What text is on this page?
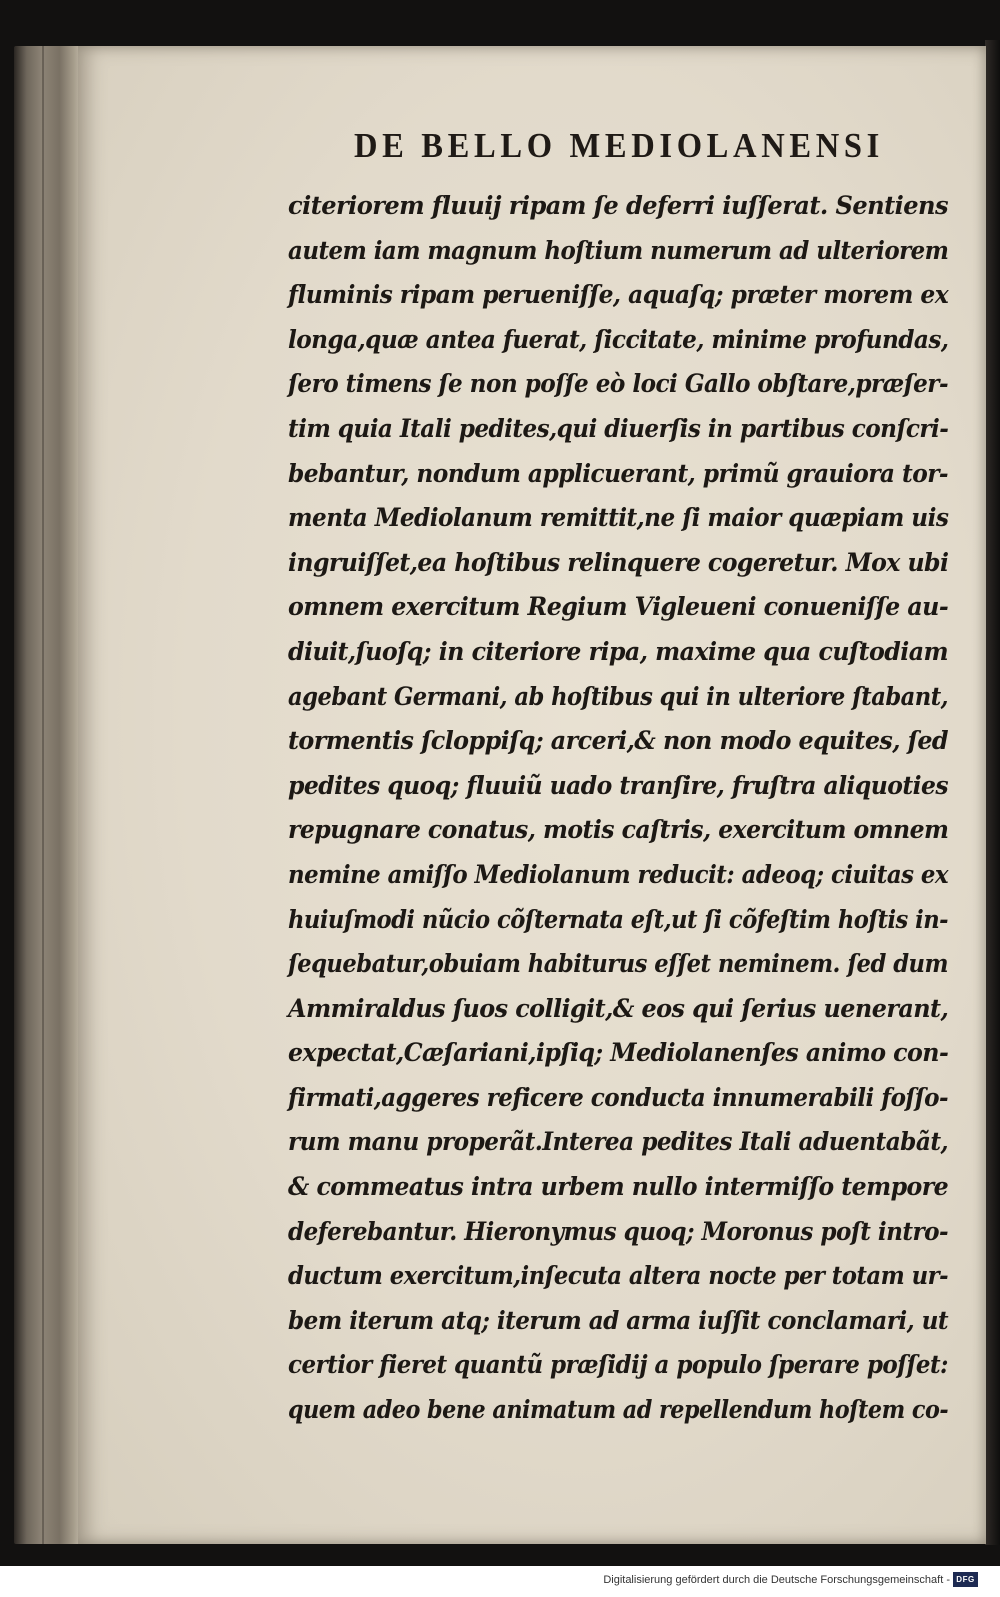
DE BELLO MEDIOLANENSI
citeriorem fluuij ripam ſe deferri iuſſerat. Sentiens
autem iam magnum hoſtium numerum ad ulteriorem
fluminis ripam perueniſſe, aquaſq; præter morem ex
longa,quæ antea fuerat, ſiccitate, minime profundas,
ſero timens ſe non poſſe eò loci Gallo obſtare,præſer-
tim quia Itali pedites,qui diuerſis in partibus conſcri-
bebantur, nondum applicuerant, primũ grauiora tor-
menta Mediolanum remittit,ne ſi maior quæpiam uis
ingruiſſet,ea hoſtibus relinquere cogeretur. Mox ubi
omnem exercitum Regium Vigleueni conueniſſe au-
diuit,ſuoſq; in citeriore ripa, maxime qua cuſtodiam
agebant Germani, ab hoſtibus qui in ulteriore ſtabant,
tormentis ſcloppiſq; arceri,& non modo equites, ſed
pedites quoq; fluuiũ uado tranſire, fruſtra aliquoties
repugnare conatus, motis caſtris, exercitum omnem
nemine amiſſo Mediolanum reducit: adeoq; ciuitas ex
huiuſmodi nũcio cõſternata eſt,ut ſi cõfeſtim hoſtis in-
ſequebatur,obuiam habiturus eſſet neminem. ſed dum
Ammiraldus ſuos colligit,& eos qui ſerius uenerant,
expectat,Cæſariani,ipſiq; Mediolanenſes animo con-
firmati,aggeres reficere conducta innumerabili foſſo-
rum manu properãt.Interea pedites Itali aduentabãt,
& commeatus intra urbem nullo intermiſſo tempore
deferebantur. Hieronymus quoq; Moronus poſt intro-
ductum exercitum,inſecuta altera nocte per totam ur-
bem iterum atq; iterum ad arma iuſſit conclamari, ut
certior fieret quantũ præſidij a populo ſperare poſſet:
quem adeo bene animatum ad repellendum hoſtem co-
Digitalisierung gefördert durch die Deutsche Forschungsgemeinschaft - DFG
